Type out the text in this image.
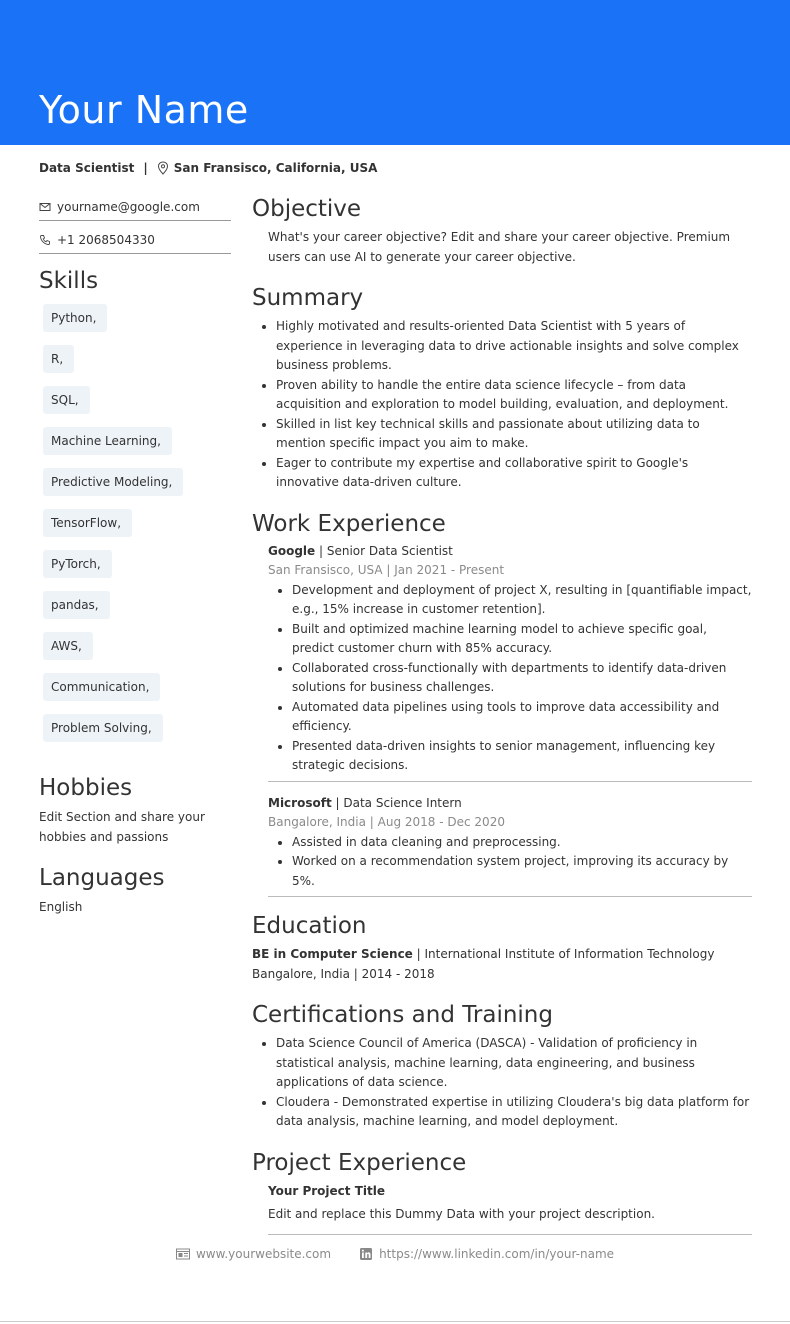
Your Name
Data Scientist | San Fransisco, California, USA
yourname@google.com
+1 2068504330
Skills
Python,
R,
SQL,
Machine Learning,
Predictive Modeling,
TensorFlow,
PyTorch,
pandas,
AWS,
Communication,
Problem Solving,
Hobbies
Edit Section and share your hobbies and passions
Languages
English
Objective
What's your career objective? Edit and share your career objective. Premium users can use AI to generate your career objective.
Summary
• Highly motivated and results-oriented Data Scientist with 5 years of experience in leveraging data to drive actionable insights and solve complex business problems.
• Proven ability to handle the entire data science lifecycle – from data acquisition and exploration to model building, evaluation, and deployment.
• Skilled in list key technical skills and passionate about utilizing data to mention specific impact you aim to make.
• Eager to contribute my expertise and collaborative spirit to Google's innovative data-driven culture.
Work Experience
Google | Senior Data Scientist
San Fransisco, USA | Jan 2021 - Present
• Development and deployment of project X, resulting in [quantifiable impact, e.g., 15% increase in customer retention].
• Built and optimized machine learning model to achieve specific goal, predict customer churn with 85% accuracy.
• Collaborated cross-functionally with departments to identify data-driven solutions for business challenges.
• Automated data pipelines using tools to improve data accessibility and efficiency.
• Presented data-driven insights to senior management, influencing key strategic decisions.
Microsoft | Data Science Intern
Bangalore, India | Aug 2018 - Dec 2020
• Assisted in data cleaning and preprocessing.
• Worked on a recommendation system project, improving its accuracy by 5%.
Education
BE in Computer Science | International Institute of Information Technology
Bangalore, India | 2014 - 2018
Certifications and Training
• Data Science Council of America (DASCA) - Validation of proficiency in statistical analysis, machine learning, data engineering, and business applications of data science.
• Cloudera - Demonstrated expertise in utilizing Cloudera's big data platform for data analysis, machine learning, and model deployment.
Project Experience
Your Project Title
Edit and replace this Dummy Data with your project description.
www.yourwebsite.com	https://www.linkedin.com/in/your-name
